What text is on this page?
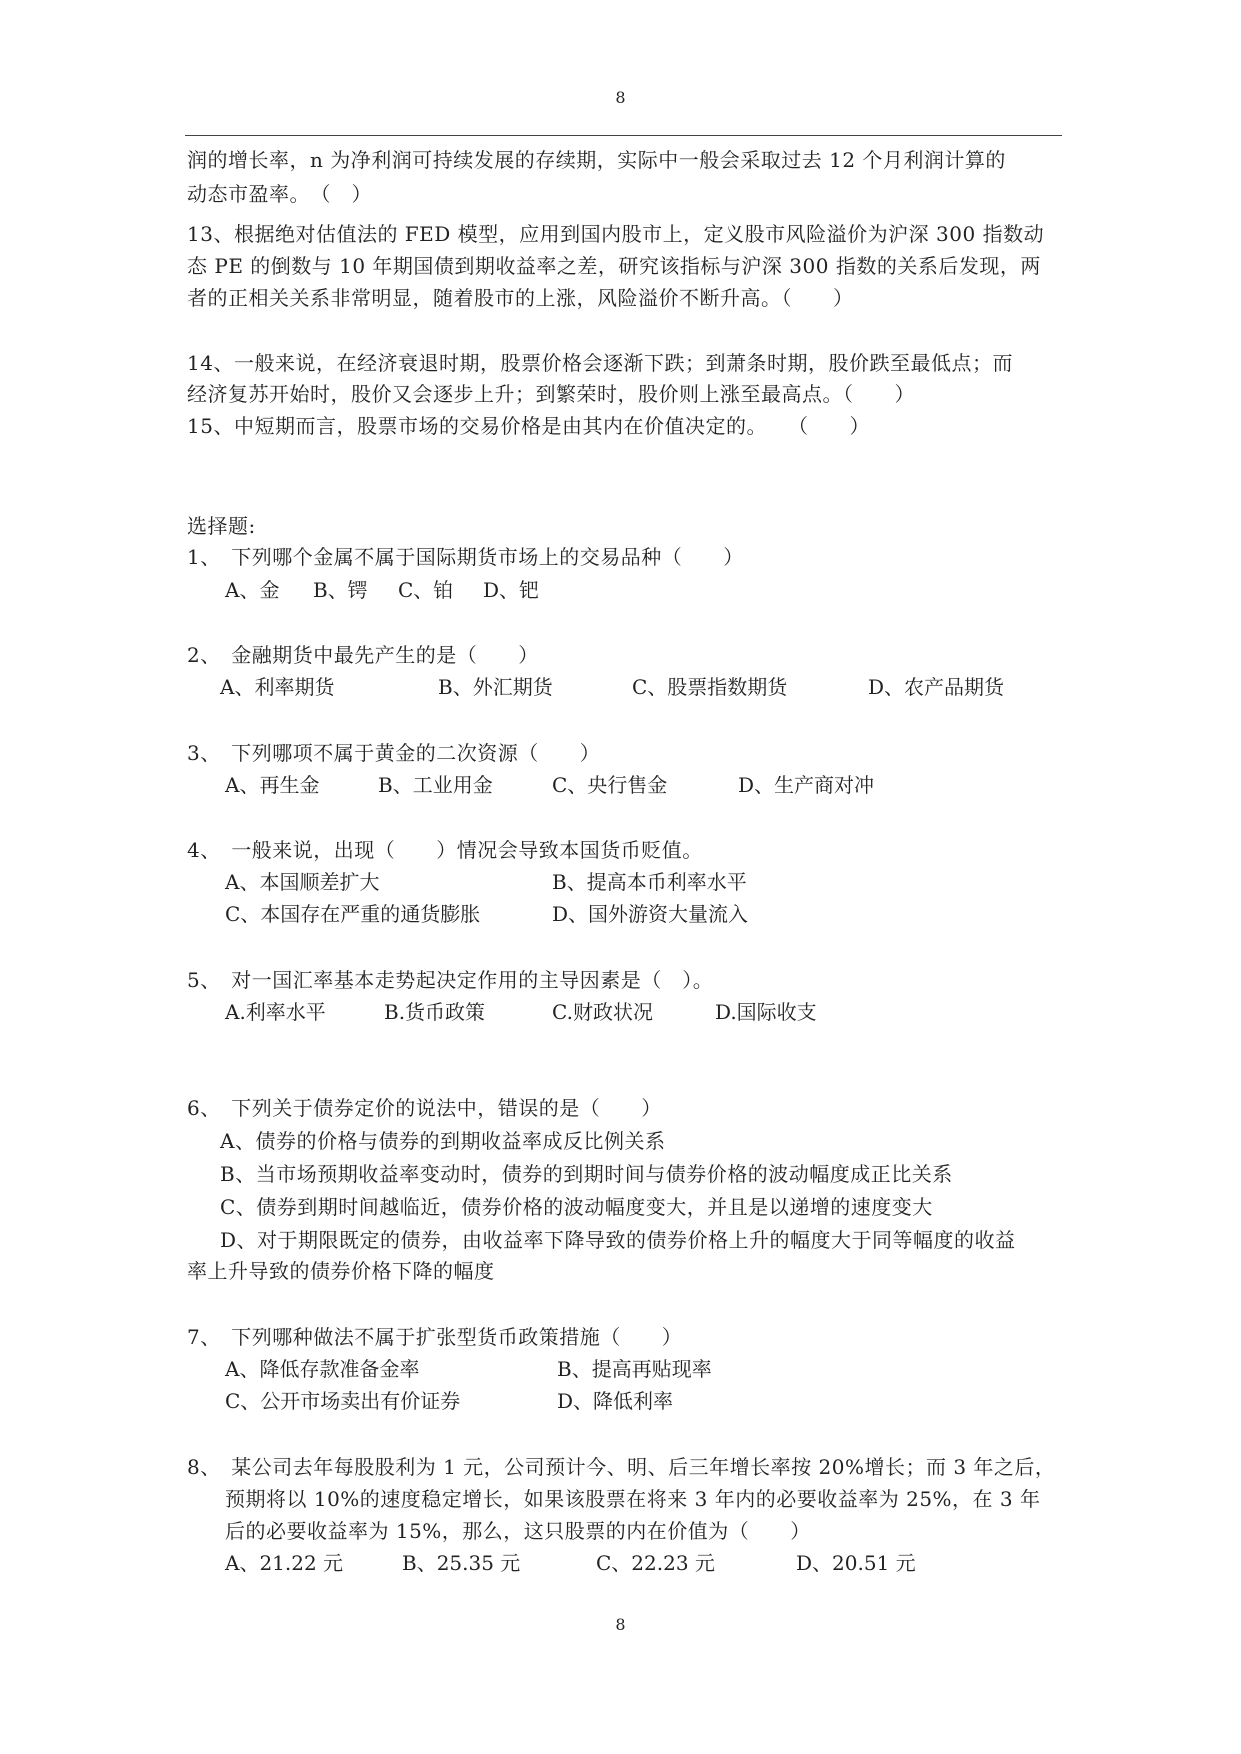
8
润的增长率，n 为净利润可持续发展的存续期，实际中一般会采取过去 12 个月利润计算的
动态市盈率。　（　）
13、根据绝对估值法的 FED 模型，应用到国内股市上，定义股市风险溢价为沪深 300 指数动
态 PE 的倒数与 10 年期国债到期收益率之差，研究该指标与沪深 300 指数的关系后发现，两
者的正相关关系非常明显，随着股市的上涨，风险溢价不断升高。（　　）
14、一般来说，在经济衰退时期，股票价格会逐渐下跌；到萧条时期，股价跌至最低点；而
经济复苏开始时，股价又会逐步上升；到繁荣时，股价则上涨至最高点。（　　）
15、中短期而言，股票市场的交易价格是由其内在价值决定的。　　（　　）
选择题:
1、　下列哪个金属不属于国际期货市场上的交易品种（　　）
A、金 B、锷 C、铂 D、钯
2、　金融期货中最先产生的是（　　）
A、利率期货	B、外汇期货	C、股票指数期货	D、农产品期货
3、　下列哪项不属于黄金的二次资源（　　）
A、再生金	B、工业用金	C、央行售金	D、生产商对冲
4、　一般来说，出现（　　）情况会导致本国货币贬值。
A、本国顺差扩大	B、提高本币利率水平
C、本国存在严重的通货膨胀	D、国外游资大量流入
5、　对一国汇率基本走势起决定作用的主导因素是（　）。
A.利率水平	B.货币政策	C.财政状况	D.国际收支
6、　下列关于债券定价的说法中，错误的是（　　）
A、债券的价格与债券的到期收益率成反比例关系
B、当市场预期收益率变动时，债券的到期时间与债券价格的波动幅度成正比关系
C、债券到期时间越临近，债券价格的波动幅度变大，并且是以递增的速度变大
D、对于期限既定的债券，由收益率下降导致的债券价格上升的幅度大于同等幅度的收益
率上升导致的债券价格下降的幅度
7、　下列哪种做法不属于扩张型货币政策措施（　　）
A、降低存款准备金率	B、提高再贴现率
C、公开市场卖出有价证券	D、降低利率
8、　某公司去年每股股利为 1 元，公司预计今、明、后三年增长率按 20%增长；而 3 年之后，
预期将以 10%的速度稳定增长，如果该股票在将来 3 年内的必要收益率为 25%，在 3 年
后的必要收益率为 15%，那么，这只股票的内在价值为（　　）
A、21.22 元	B、25.35 元	C、22.23 元	D、20.51 元
8
